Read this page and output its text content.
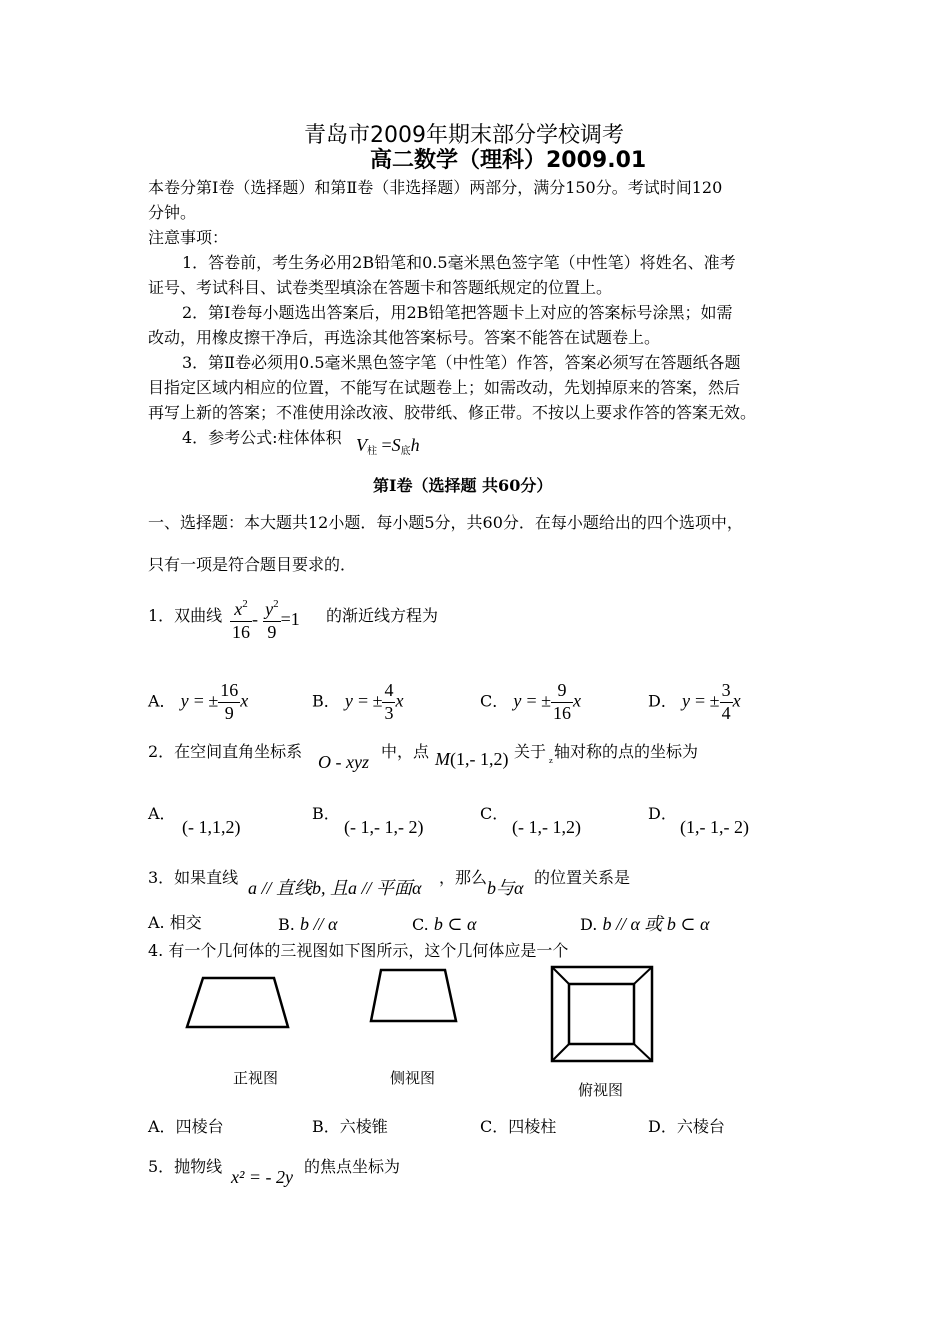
青岛市2009年期末部分学校调考
高二数学（理科）2009.01
本卷分第Ⅰ卷（选择题）和第Ⅱ卷（非选择题）两部分，满分150分。考试时间120
分钟。
注意事项：
1．答卷前，考生务必用2B铅笔和0.5毫米黑色签字笔（中性笔）将姓名、准考
证号、考试科目、试卷类型填涂在答题卡和答题纸规定的位置上。
2．第Ⅰ卷每小题选出答案后，用2B铅笔把答题卡上对应的答案标号涂黑；如需
改动，用橡皮擦干净后，再选涂其他答案标号。答案不能答在试题卷上。
3．第Ⅱ卷必须用0.5毫米黑色签字笔（中性笔）作答，答案必须写在答题纸各题
目指定区域内相应的位置，不能写在试题卷上；如需改动，先划掉原来的答案，然后
再写上新的答案；不准使用涂改液、胶带纸、修正带。不按以上要求作答的答案无效。
4．参考公式:柱体体积 $V_柱 =S_底h$
第Ⅰ卷（选择题 共60分）
一、选择题：本大题共12小题．每小题5分，共60分．在每小题给出的四个选项中，
只有一项是符合题目要求的．
1．双曲线 $\frac{x^2}{16} - \frac{y^2}{9} =1$ 的渐近线方程为
A． y = ± $\frac{16}{9}$ x	B． y = ± $\frac{4}{3}$ x	C． y = ± $\frac{9}{16}$ x	D． y = ± $\frac{3}{4}$ x
2．在空间直角坐标系
O - xyz
中，点 M(1,- 1,2) 关于 z 轴对称的点的坐标为
A．
(- 1,1,2)
B．
(- 1,- 1,- 2)
C．
(- 1,- 1,2)
D．
(1,- 1,- 2)
3．如果直线
a // 直线b, 且a // 平面α
，那么
b与α
的位置关系是
A. 相交	B. b // α	C. b ⊂ α	D. b // α 或 b ⊂ α
4. 有一个几何体的三视图如下图所示，这个几何体应是一个
正视图	侧视图
俯视图
A．四棱台	B．六棱锥	C．四棱柱	D．六棱台
5．抛物线
x² = - 2y
的焦点坐标为
